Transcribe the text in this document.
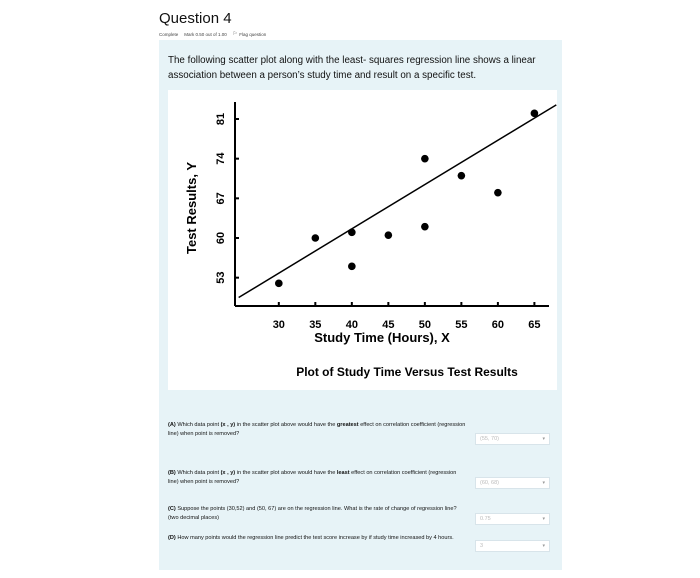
Question 4
Complete Mark 0.50 out of 1.00 ⚐ Flag question
The following scatter plot along with the least- squares regression line shows a linear association between a person’s study time and result on a specific test.
30 35 40 45 50 55 60 65
53
60
67
74
81
Study Time (Hours), X
Test Results, Y
Plot of Study Time Versus Test Results
(A) Which data point (x , y) in the scatter plot above would have the greatest effect on correlation coefficient (regression line) when point is removed?
(55, 70)	▾
(B) Which data point (x , y) in the scatter plot above would have the least effect on correlation coefficient (regression line) when point is removed?	(60, 68)	▾
(C) Suppose the points (30,52) and (50, 67) are on the regression line. What is the rate of change of regression line? (two decimal places)	0.75	▾
(D) How many points would the regression line predict the test score increase by if study time increased by 4 hours.
3	▾
